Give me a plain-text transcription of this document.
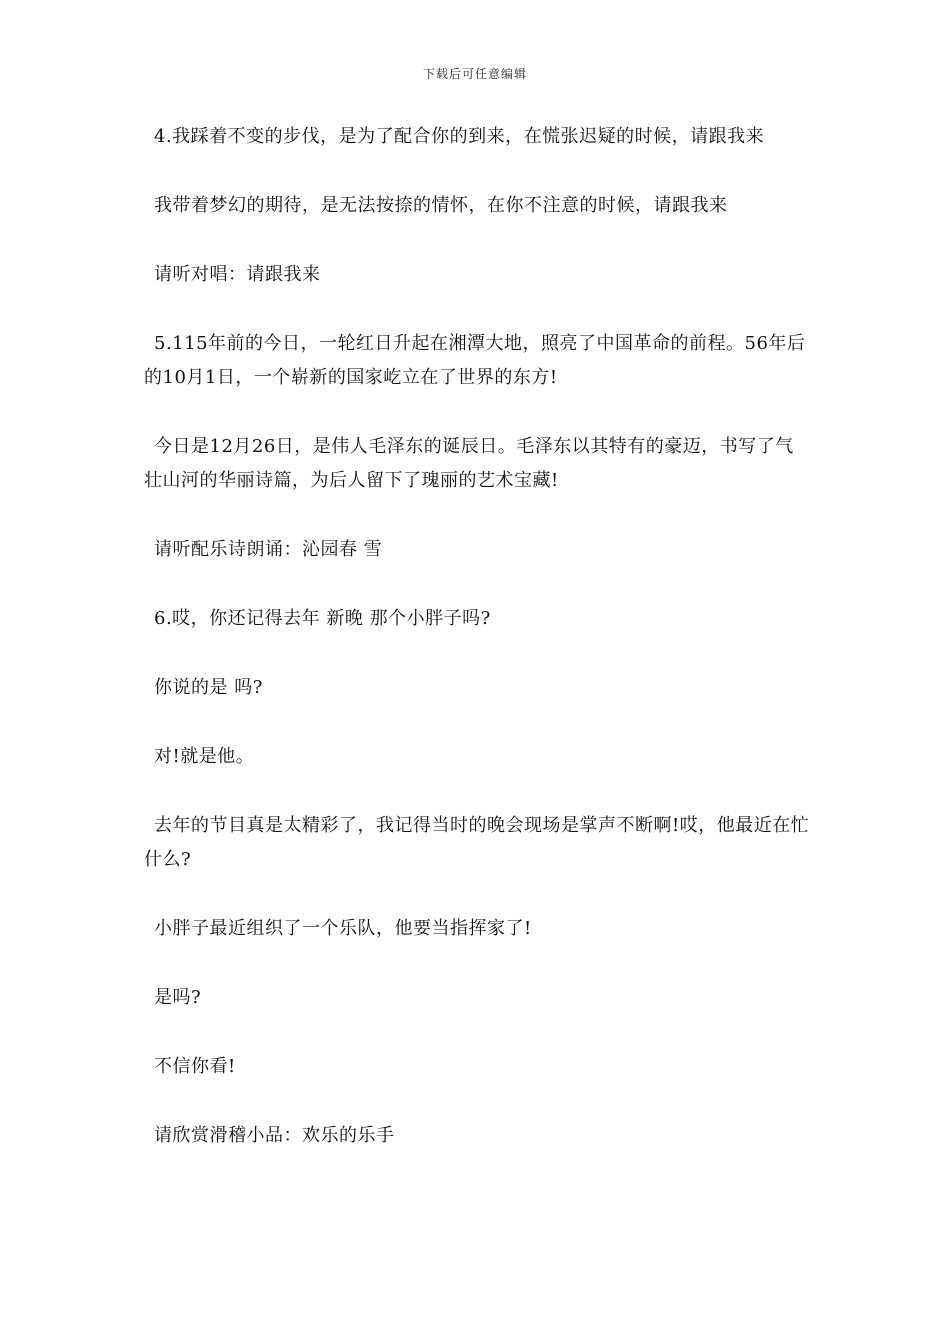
下载后可任意编辑

4.我踩着不变的步伐，是为了配合你的到来，在慌张迟疑的时候，请跟我来

我带着梦幻的期待，是无法按捺的情怀，在你不注意的时候，请跟我来

请听对唱：请跟我来

5.115年前的今日，一轮红日升起在湘潭大地，照亮了中国革命的前程。56年后的10月1日，一个崭新的国家屹立在了世界的东方!

今日是12月26日，是伟人毛泽东的诞辰日。毛泽东以其特有的豪迈，书写了气壮山河的华丽诗篇，为后人留下了瑰丽的艺术宝藏!

请听配乐诗朗诵：沁园春 雪

6.哎，你还记得去年 新晚 那个小胖子吗?

你说的是 吗?

对!就是他。

去年的节目真是太精彩了，我记得当时的晚会现场是掌声不断啊!哎，他最近在忙什么?

小胖子最近组织了一个乐队，他要当指挥家了!

是吗?

不信你看!

请欣赏滑稽小品：欢乐的乐手
